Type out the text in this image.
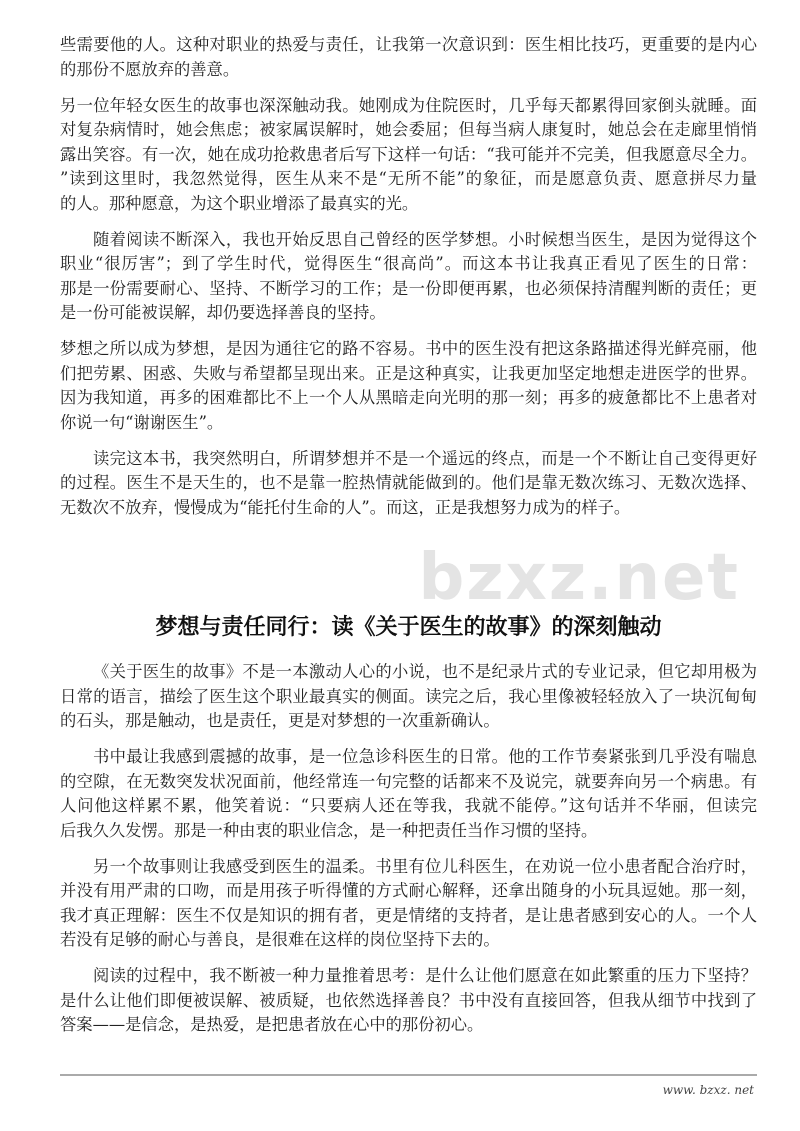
bzxz.net
些需要他的人。这种对职业的热爱与责任，让我第一次意识到：医生相比技巧，更重要的是内心
的那份不愿放弃的善意。
另一位年轻女医生的故事也深深触动我。她刚成为住院医时，几乎每天都累得回家倒头就睡。面
对复杂病情时，她会焦虑；被家属误解时，她会委屈；但每当病人康复时，她总会在走廊里悄悄
露出笑容。有一次，她在成功抢救患者后写下这样一句话：“我可能并不完美，但我愿意尽全力。
”读到这里时，我忽然觉得，医生从来不是“无所不能”的象征，而是愿意负责、愿意拼尽力量
的人。那种愿意，为这个职业增添了最真实的光。
随着阅读不断深入，我也开始反思自己曾经的医学梦想。小时候想当医生，是因为觉得这个
职业“很厉害”；到了学生时代，觉得医生“很高尚”。而这本书让我真正看见了医生的日常：
那是一份需要耐心、坚持、不断学习的工作；是一份即便再累，也必须保持清醒判断的责任；更
是一份可能被误解，却仍要选择善良的坚持。
梦想之所以成为梦想，是因为通往它的路不容易。书中的医生没有把这条路描述得光鲜亮丽，他
们把劳累、困惑、失败与希望都呈现出来。正是这种真实，让我更加坚定地想走进医学的世界。
因为我知道，再多的困难都比不上一个人从黑暗走向光明的那一刻；再多的疲惫都比不上患者对
你说一句“谢谢医生”。
读完这本书，我突然明白，所谓梦想并不是一个遥远的终点，而是一个不断让自己变得更好
的过程。医生不是天生的，也不是靠一腔热情就能做到的。他们是靠无数次练习、无数次选择、
无数次不放弃，慢慢成为“能托付生命的人”。而这，正是我想努力成为的样子。
梦想与责任同行：读《关于医生的故事》的深刻触动
《关于医生的故事》不是一本激动人心的小说，也不是纪录片式的专业记录，但它却用极为
日常的语言，描绘了医生这个职业最真实的侧面。读完之后，我心里像被轻轻放入了一块沉甸甸
的石头，那是触动，也是责任，更是对梦想的一次重新确认。
书中最让我感到震撼的故事，是一位急诊科医生的日常。他的工作节奏紧张到几乎没有喘息
的空隙，在无数突发状况面前，他经常连一句完整的话都来不及说完，就要奔向另一个病患。有
人问他这样累不累，他笑着说：“只要病人还在等我，我就不能停。”这句话并不华丽，但读完
后我久久发愣。那是一种由衷的职业信念，是一种把责任当作习惯的坚持。
另一个故事则让我感受到医生的温柔。书里有位儿科医生，在劝说一位小患者配合治疗时，
并没有用严肃的口吻，而是用孩子听得懂的方式耐心解释，还拿出随身的小玩具逗她。那一刻，
我才真正理解：医生不仅是知识的拥有者，更是情绪的支持者，是让患者感到安心的人。一个人
若没有足够的耐心与善良，是很难在这样的岗位坚持下去的。
阅读的过程中，我不断被一种力量推着思考：是什么让他们愿意在如此繁重的压力下坚持？
是什么让他们即便被误解、被质疑，也依然选择善良？书中没有直接回答，但我从细节中找到了
答案——是信念，是热爱，是把患者放在心中的那份初心。
www. bzxz. net
